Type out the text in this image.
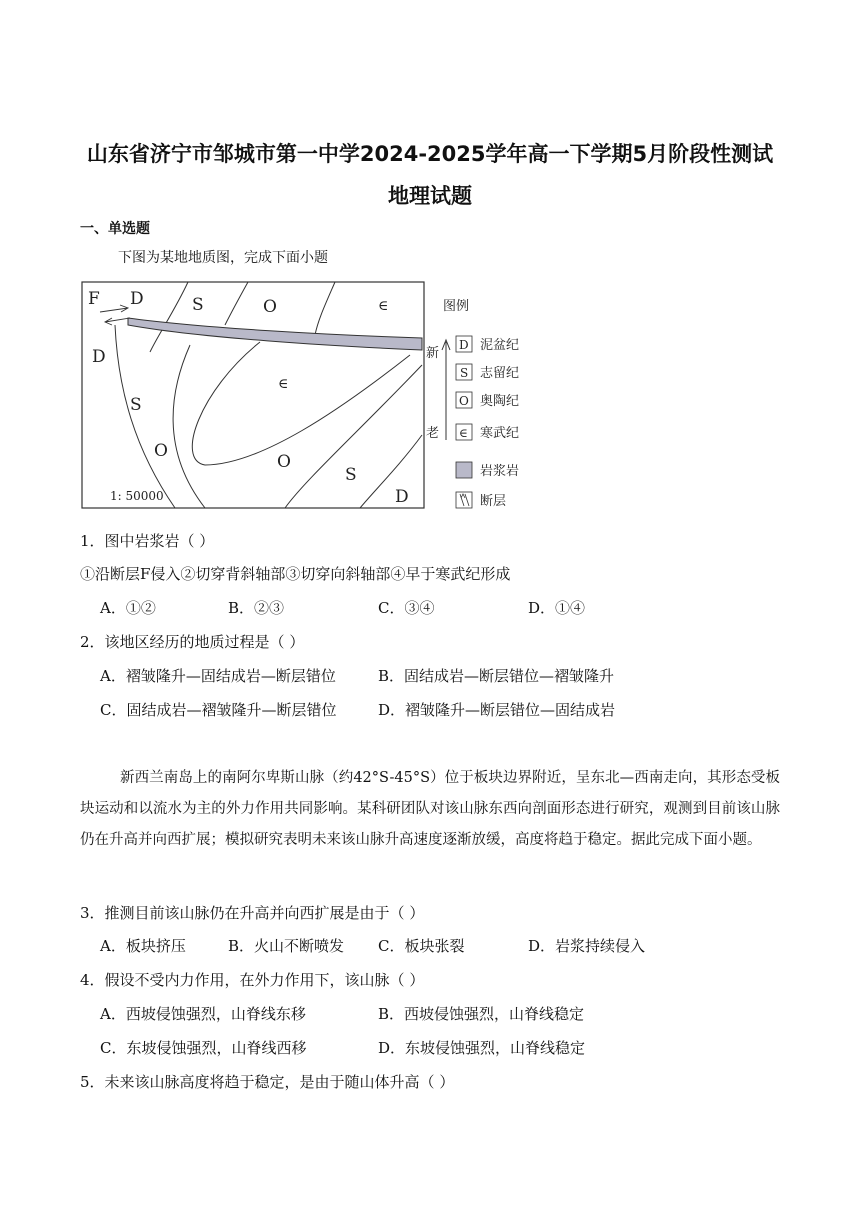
山东省济宁市邹城市第一中学2024-2025学年高一下学期5月阶段性测试
地理试题
一、单选题
下图为某地地质图，完成下面小题
F D	S	O	∈
D
S
O
∈
O
S
D
1: 50000
图例
新
老
D 泥盆纪
S 志留纪
O 奥陶纪
∈ 寒武纪
岩浆岩
断层
1．图中岩浆岩（ ）
①沿断层F侵入②切穿背斜轴部③切穿向斜轴部④早于寒武纪形成
A．①②	B．②③	C．③④	D．①④
2．该地区经历的地质过程是（ ）
A．褶皱隆升—固结成岩—断层错位	B．固结成岩—断层错位—褶皱隆升
C．固结成岩—褶皱隆升—断层错位	D．褶皱隆升—断层错位—固结成岩
新西兰南岛上的南阿尔卑斯山脉（约42°S-45°S）位于板块边界附近，呈东北—西南走向，其形态受板块运动和以流水为主的外力作用共同影响。某科研团队对该山脉东西向剖面形态进行研究，观测到目前该山脉仍在升高并向西扩展；模拟研究表明未来该山脉升高速度逐渐放缓，高度将趋于稳定。据此完成下面小题。
3．推测目前该山脉仍在升高并向西扩展是由于（ ）
A．板块挤压	B．火山不断喷发 C．板块张裂	D．岩浆持续侵入
4．假设不受内力作用，在外力作用下，该山脉（ ）
A．西坡侵蚀强烈，山脊线东移	B．西坡侵蚀强烈，山脊线稳定
C．东坡侵蚀强烈，山脊线西移	D．东坡侵蚀强烈，山脊线稳定
5．未来该山脉高度将趋于稳定，是由于随山体升高（ ）
